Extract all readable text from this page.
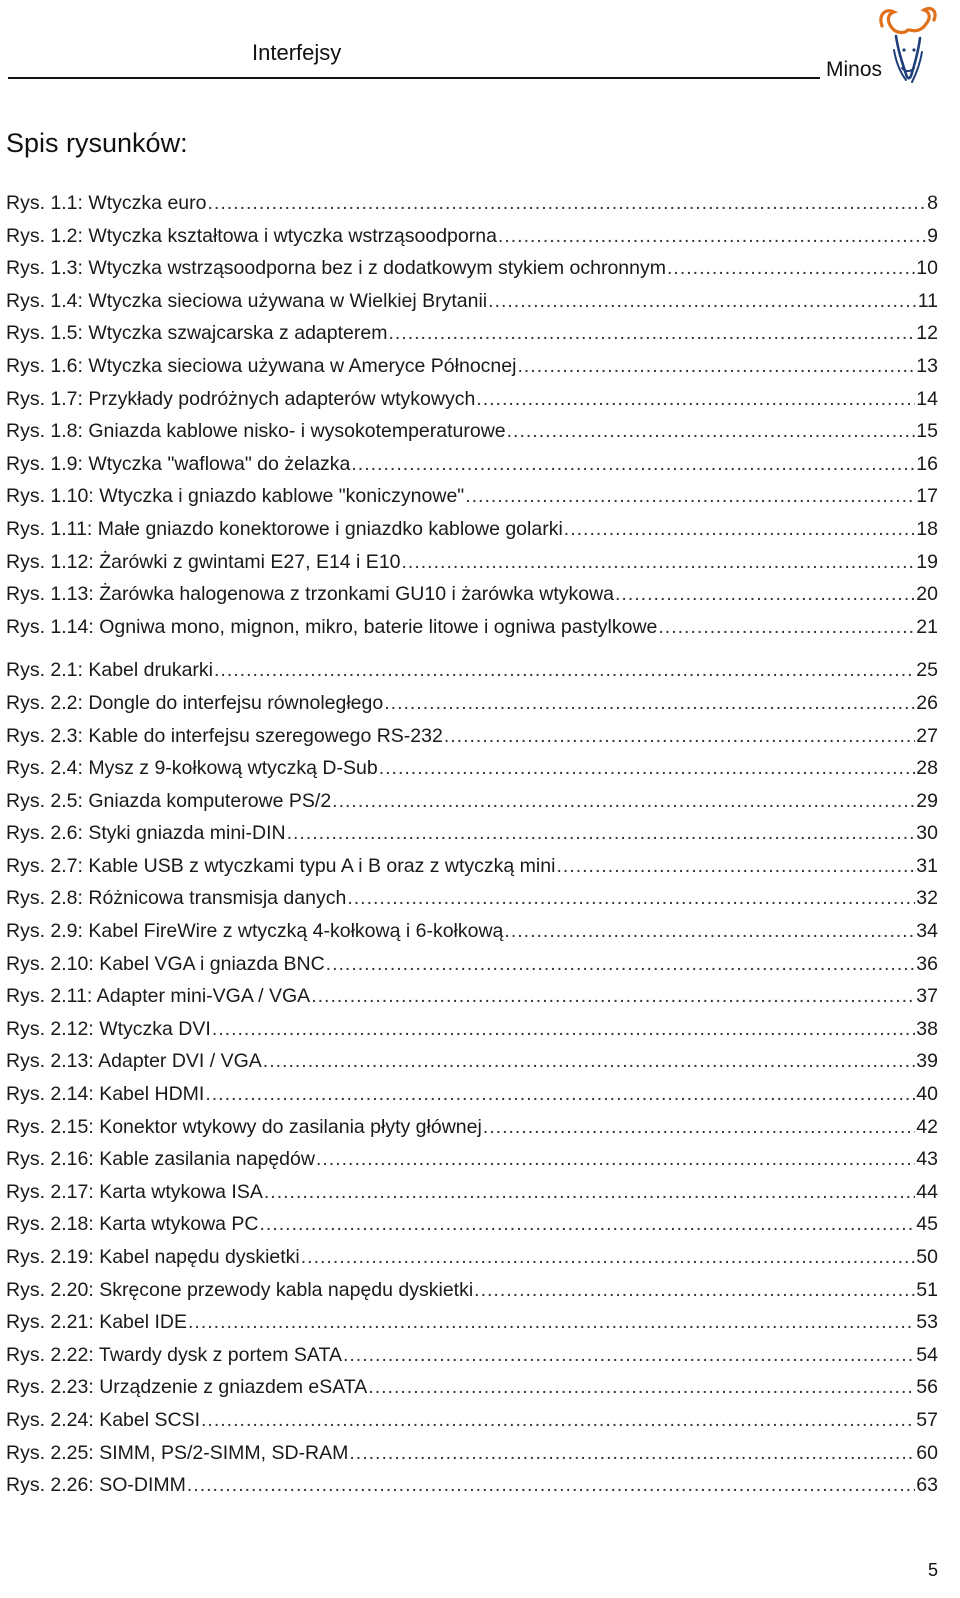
Interfejsy
Minos
Spis rysunków:
Rys. 1.1: Wtyczka euro .....	8
Rys. 1.2: Wtyczka kształtowa i wtyczka wstrząsoodporna .....	9
Rys. 1.3: Wtyczka wstrząsoodporna bez i z dodatkowym stykiem ochronnym .....	10
Rys. 1.4: Wtyczka sieciowa używana w Wielkiej Brytanii .....	11
Rys. 1.5: Wtyczka szwajcarska z adapterem .....	12
Rys. 1.6: Wtyczka sieciowa używana w Ameryce Północnej .....	13
Rys. 1.7: Przykłady podróżnych adapterów wtykowych .....	14
Rys. 1.8: Gniazda kablowe nisko- i wysokotemperaturowe .....	15
Rys. 1.9: Wtyczka "waflowa" do żelazka .....	16
Rys. 1.10: Wtyczka i gniazdo kablowe "koniczynowe" .....	17
Rys. 1.11: Małe gniazdo konektorowe i gniazdko kablowe golarki .....	18
Rys. 1.12: Żarówki z gwintami E27, E14 i E10 .....	19
Rys. 1.13: Żarówka halogenowa z trzonkami GU10 i żarówka wtykowa .....	20
Rys. 1.14: Ogniwa mono, mignon, mikro, baterie litowe i ogniwa pastylkowe .....	21
Rys. 2.1: Kabel drukarki .....	25
Rys. 2.2: Dongle do interfejsu równoległego .....	26
Rys. 2.3: Kable do interfejsu szeregowego RS-232 .....	27
Rys. 2.4: Mysz z 9-kołkową wtyczką D-Sub .....	28
Rys. 2.5: Gniazda komputerowe PS/2 .....	29
Rys. 2.6: Styki gniazda mini-DIN .....	30
Rys. 2.7: Kable USB z wtyczkami typu A i B oraz z wtyczką mini .....	31
Rys. 2.8: Różnicowa transmisja danych .....	32
Rys. 2.9: Kabel FireWire z wtyczką 4-kołkową i 6-kołkową .....	34
Rys. 2.10: Kabel VGA i gniazda BNC .....	36
Rys. 2.11: Adapter mini-VGA / VGA .....	37
Rys. 2.12: Wtyczka DVI .....	38
Rys. 2.13: Adapter DVI / VGA .....	39
Rys. 2.14: Kabel HDMI .....	40
Rys. 2.15: Konektor wtykowy do zasilania płyty głównej .....	42
Rys. 2.16: Kable zasilania napędów .....	43
Rys. 2.17: Karta wtykowa ISA .....	44
Rys. 2.18: Karta wtykowa PC .....	45
Rys. 2.19: Kabel napędu dyskietki .....	50
Rys. 2.20: Skręcone przewody kabla napędu dyskietki .....	51
Rys. 2.21: Kabel IDE .....	53
Rys. 2.22: Twardy dysk z portem SATA .....	54
Rys. 2.23: Urządzenie z gniazdem eSATA .....	56
Rys. 2.24: Kabel SCSI .....	57
Rys. 2.25: SIMM, PS/2-SIMM, SD-RAM .....	60
Rys. 2.26: SO-DIMM .....	63
5
